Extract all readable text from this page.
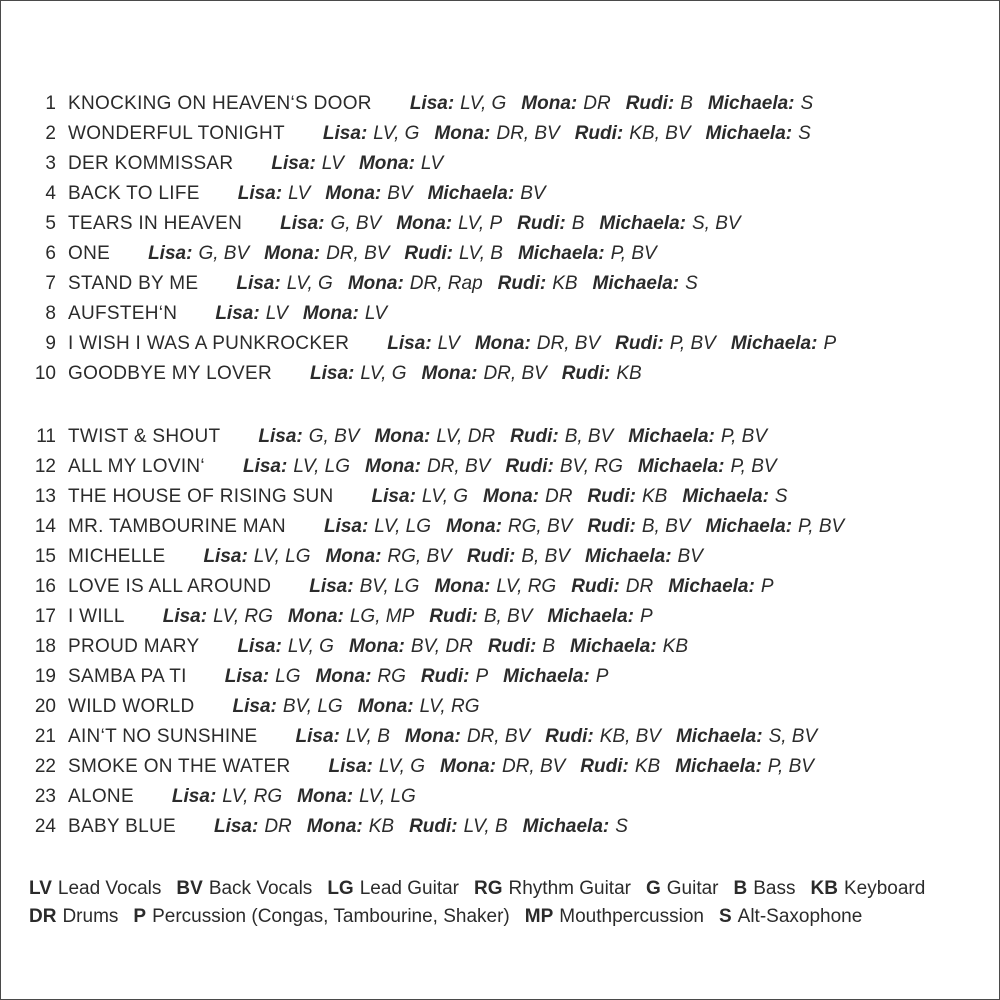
1 KNOCKING ON HEAVEN‘S DOOR Lisa: LV, G Mona: DR Rudi: B Michaela: S
2 WONDERFUL TONIGHT Lisa: LV, G Mona: DR, BV Rudi: KB, BV Michaela: S
3 DER KOMMISSAR Lisa: LV Mona: LV
4 BACK TO LIFE Lisa: LV Mona: BV Michaela: BV
5 TEARS IN HEAVEN Lisa: G, BV Mona: LV, P Rudi: B Michaela: S, BV
6 ONE Lisa: G, BV Mona: DR, BV Rudi: LV, B Michaela: P, BV
7 STAND BY ME Lisa: LV, G Mona: DR, Rap Rudi: KB Michaela: S
8 AUFSTEH‘N Lisa: LV Mona: LV
9 I WISH I WAS A PUNKROCKER Lisa: LV Mona: DR, BV Rudi: P, BV Michaela: P
10 GOODBYE MY LOVER Lisa: LV, G Mona: DR, BV Rudi: KB
11 TWIST & SHOUT Lisa: G, BV Mona: LV, DR Rudi: B, BV Michaela: P, BV
12 ALL MY LOVIN‘ Lisa: LV, LG Mona: DR, BV Rudi: BV, RG Michaela: P, BV
13 THE HOUSE OF RISING SUN Lisa: LV, G Mona: DR Rudi: KB Michaela: S
14 MR. TAMBOURINE MAN Lisa: LV, LG Mona: RG, BV Rudi: B, BV Michaela: P, BV
15 MICHELLE Lisa: LV, LG Mona: RG, BV Rudi: B, BV Michaela: BV
16 LOVE IS ALL AROUND Lisa: BV, LG Mona: LV, RG Rudi: DR Michaela: P
17 I WILL Lisa: LV, RG Mona: LG, MP Rudi: B, BV Michaela: P
18 PROUD MARY Lisa: LV, G Mona: BV, DR Rudi: B Michaela: KB
19 SAMBA PA TI Lisa: LG Mona: RG Rudi: P Michaela: P
20 WILD WORLD Lisa: BV, LG Mona: LV, RG
21 AIN‘T NO SUNSHINE Lisa: LV, B Mona: DR, BV Rudi: KB, BV Michaela: S, BV
22 SMOKE ON THE WATER Lisa: LV, G Mona: DR, BV Rudi: KB Michaela: P, BV
23 ALONE Lisa: LV, RG Mona: LV, LG
24 BABY BLUE Lisa: DR Mona: KB Rudi: LV, B Michaela: S
LV Lead Vocals BV Back Vocals LG Lead Guitar RG Rhythm Guitar G Guitar B Bass KB Keyboard
DR Drums P Percussion (Congas, Tambourine, Shaker) MP Mouthpercussion S Alt-Saxophone
